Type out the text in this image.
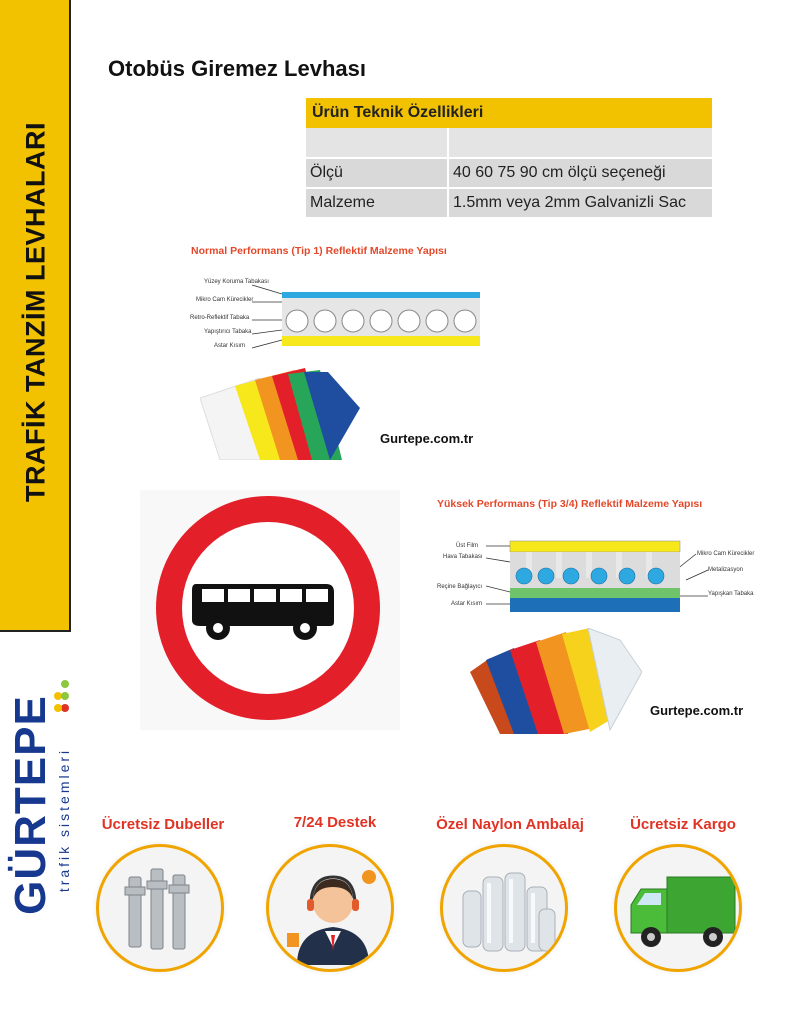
TRAFİK TANZİM LEVHALARI
GÜRTEPE trafik sistemleri
Otobüs Giremez Levhası
Ürün Teknik Özellikleri	

Ölçü	40 60 75 90 cm ölçü seçeneği
Malzeme	1.5mm veya 2mm Galvanizli Sac
Normal Performans (Tip 1) Reflektif Malzeme Yapısı
Yüzey Koruma Tabakası
Mikro Cam Kürecikler
Retro-Reflektif Tabaka
Yapıştırıcı Tabaka
Astar Kısım
Gurtepe.com.tr
Yüksek Performans (Tip 3/4) Reflektif Malzeme Yapısı
Üst Film
Hava Tabakası
Reçine Bağlayıcı
Astar Kısım
Mikro Cam Kürecikler
Metalizasyon
Yapışkan Tabaka
Gurtepe.com.tr
Ücretsiz Dubeller	7/24 Destek	Özel Naylon Ambalaj	Ücretsiz Kargo
